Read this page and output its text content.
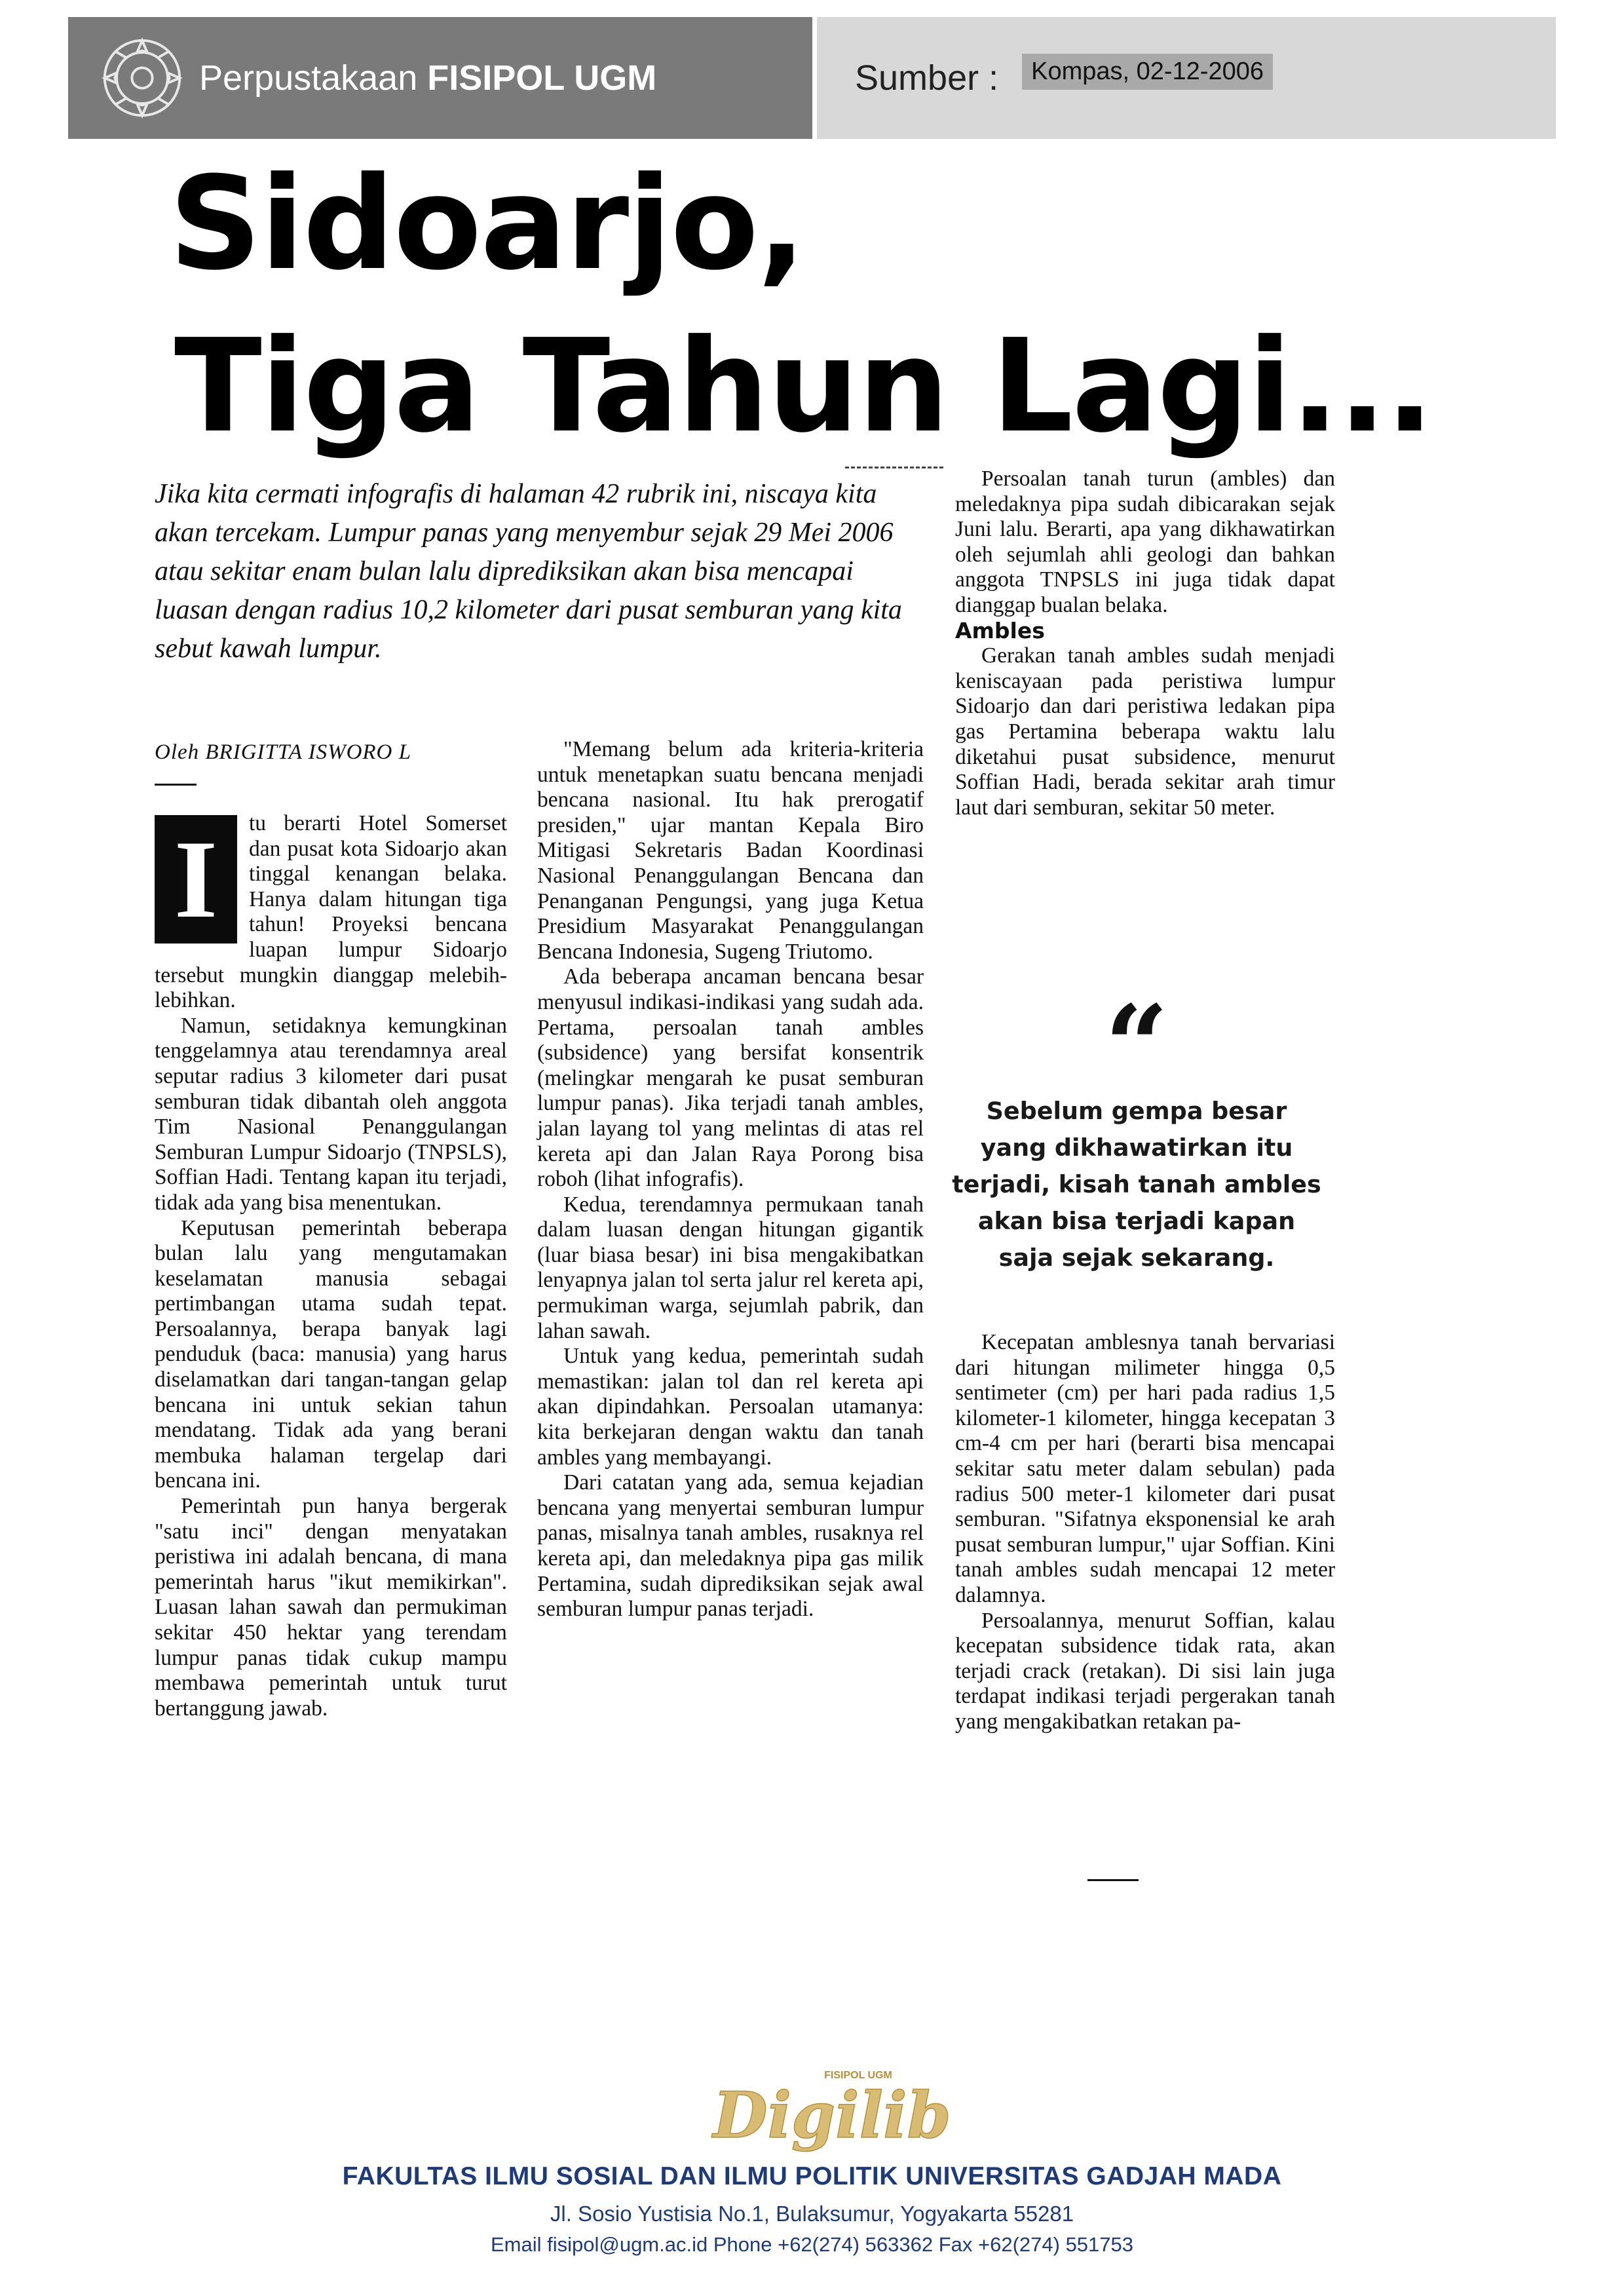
Perpustakaan FISIPOL UGM	Sumber :	Kompas, 02-12-2006
Sidoarjo,
Tiga Tahun Lagi...

Jika kita cermati infografis di halaman 42 rubrik ini, niscaya kita akan tercekam. Lumpur panas yang menyembur sejak 29 Mei 2006 atau sekitar enam bulan lalu diprediksikan akan bisa mencapai luasan dengan radius 10,2 kilometer dari pusat semburan yang kita sebut kawah lumpur.

Oleh BRIGITTA ISWORO L

I	tu berarti Hotel Somerset dan pusat kota Sidoarjo akan tinggal kenangan belaka. Hanya dalam hitungan tiga tahun! Proyeksi bencana luapan lumpur Sidoarjo tersebut mungkin dianggap melebih-lebihkan.

Namun, setidaknya kemungkinan tenggelamnya atau terendamnya areal seputar radius 3 kilometer dari pusat semburan tidak dibantah oleh anggota Tim Nasional Penanggulangan Semburan Lumpur Sidoarjo (TNPSLS), Soffian Hadi. Tentang kapan itu terjadi, tidak ada yang bisa menentukan.

Keputusan pemerintah beberapa bulan lalu yang mengutamakan keselamatan manusia sebagai pertimbangan utama sudah tepat. Persoalannya, berapa banyak lagi penduduk (baca: manusia) yang harus diselamatkan dari tangan-tangan gelap bencana ini untuk sekian tahun mendatang. Tidak ada yang berani membuka halaman tergelap dari bencana ini.

Pemerintah pun hanya bergerak "satu inci" dengan menyatakan peristiwa ini adalah bencana, di mana pemerintah harus "ikut memikirkan". Luasan lahan sawah dan permukiman sekitar 450 hektar yang terendam lumpur panas tidak cukup mampu membawa pemerintah untuk turut bertanggung jawab.

"Memang belum ada kriteria-kriteria untuk menetapkan suatu bencana menjadi bencana nasional. Itu hak prerogatif presiden," ujar mantan Kepala Biro Mitigasi Sekretaris Badan Koordinasi Nasional Penanggulangan Bencana dan Penanganan Pengungsi, yang juga Ketua Presidium Masyarakat Penanggulangan Bencana Indonesia, Sugeng Triutomo.

Ada beberapa ancaman bencana besar menyusul indikasi-indikasi yang sudah ada. Pertama, persoalan tanah ambles (subsidence) yang bersifat konsentrik (melingkar mengarah ke pusat semburan lumpur panas). Jika terjadi tanah ambles, jalan layang tol yang melintas di atas rel kereta api dan Jalan Raya Porong bisa roboh (lihat infografis).

Kedua, terendamnya permukaan tanah dalam luasan dengan hitungan gigantik (luar biasa besar) ini bisa mengakibatkan lenyapnya jalan tol serta jalur rel kereta api, permukiman warga, sejumlah pabrik, dan lahan sawah.

Untuk yang kedua, pemerintah sudah memastikan: jalan tol dan rel kereta api akan dipindahkan. Persoalan utamanya: kita berkejaran dengan waktu dan tanah ambles yang membayangi.

Dari catatan yang ada, semua kejadian bencana yang menyertai semburan lumpur panas, misalnya tanah ambles, rusaknya rel kereta api, dan meledaknya pipa gas milik Pertamina, sudah diprediksikan sejak awal semburan lumpur panas terjadi.

Persoalan tanah turun (ambles) dan meledaknya pipa sudah dibicarakan sejak Juni lalu. Berarti, apa yang dikhawatirkan oleh sejumlah ahli geologi dan bahkan anggota TNPSLS ini juga tidak dapat dianggap bualan belaka.

Ambles

Gerakan tanah ambles sudah menjadi keniscayaan pada peristiwa lumpur Sidoarjo dan dari peristiwa ledakan pipa gas Pertamina beberapa waktu lalu diketahui pusat subsidence, menurut Soffian Hadi, berada sekitar arah timur laut dari semburan, sekitar 50 meter.

“
Sebelum gempa besar yang dikhawatirkan itu terjadi, kisah tanah ambles akan bisa terjadi kapan saja sejak sekarang.

Kecepatan amblesnya tanah bervariasi dari hitungan milimeter hingga 0,5 sentimeter (cm) per hari pada radius 1,5 kilometer-1 kilometer, hingga kecepatan 3 cm-4 cm per hari (berarti bisa mencapai sekitar satu meter dalam sebulan) pada radius 500 meter-1 kilometer dari pusat semburan. "Sifatnya eksponensial ke arah pusat semburan lumpur," ujar Soffian. Kini tanah ambles sudah mencapai 12 meter dalamnya.

Persoalannya, menurut Soffian, kalau kecepatan subsidence tidak rata, akan terjadi crack (retakan). Di sisi lain juga terdapat indikasi terjadi pergerakan tanah yang mengakibatkan retakan pa-

FISIPOL UGM
Digilib
FAKULTAS ILMU SOSIAL DAN ILMU POLITIK UNIVERSITAS GADJAH MADA
Jl. Sosio Yustisia No.1, Bulaksumur, Yogyakarta 55281
Email fisipol@ugm.ac.id Phone +62(274) 563362 Fax +62(274) 551753
